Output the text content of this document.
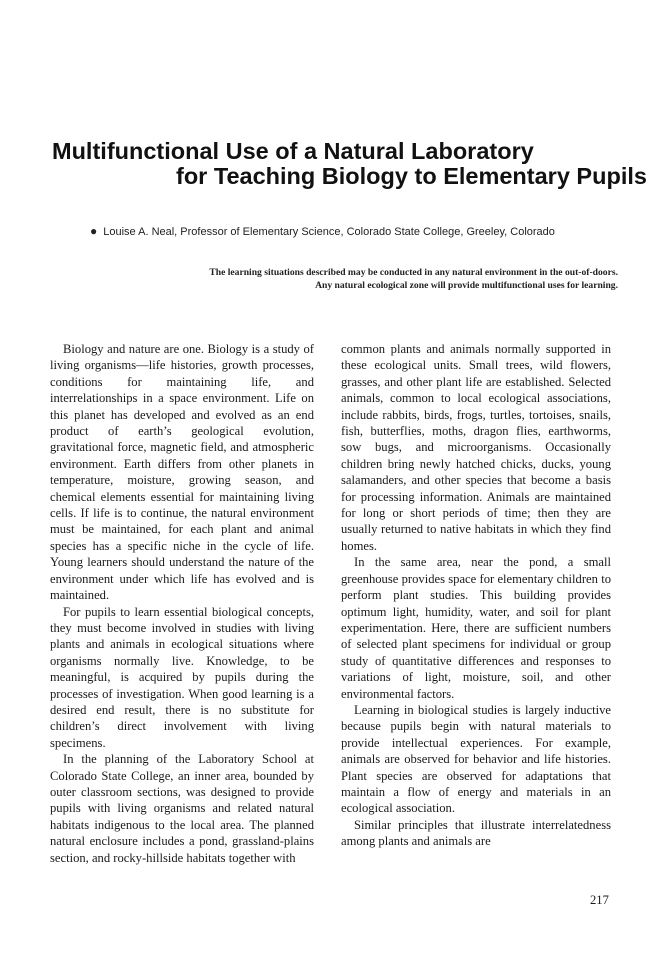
Multifunctional Use of a Natural Laboratory
for Teaching Biology to Elementary Pupils
● Louise A. Neal, Professor of Elementary Science, Colorado State College, Greeley, Colorado
The learning situations described may be conducted in any natural environment in the out-of-doors.
Any natural ecological zone will provide multifunctional uses for learning.

Biology and nature are one. Biology is a study of living organisms—life histories, growth processes, conditions for maintaining life, and interrelationships in a space environment. Life on this planet has developed and evolved as an end product of earth’s geological evolution, gravitational force, magnetic field, and atmospheric environment. Earth differs from other planets in temperature, moisture, growing season, and chemical elements essential for maintaining living cells. If life is to continue, the natural environment must be maintained, for each plant and animal species has a specific niche in the cycle of life. Young learners should understand the nature of the environment under which life has evolved and is maintained.

For pupils to learn essential biological concepts, they must become involved in studies with living plants and animals in ecological situations where organisms normally live. Knowledge, to be meaningful, is acquired by pupils during the processes of investigation. When good learning is a desired end result, there is no substitute for children’s direct involvement with living specimens.

In the planning of the Laboratory School at Colorado State College, an inner area, bounded by outer classroom sections, was designed to provide pupils with living organisms and related natural habitats indigenous to the local area. The planned natural enclosure includes a pond, grassland-plains section, and rocky-hillside habitats together with

common plants and animals normally supported in these ecological units. Small trees, wild flowers, grasses, and other plant life are established. Selected animals, common to local ecological associations, include rabbits, birds, frogs, turtles, tortoises, snails, fish, butterflies, moths, dragon flies, earthworms, sow bugs, and microorganisms. Occasionally children bring newly hatched chicks, ducks, young salamanders, and other species that become a basis for processing information. Animals are maintained for long or short periods of time; then they are usually returned to native habitats in which they find homes.

In the same area, near the pond, a small greenhouse provides space for elementary children to perform plant studies. This building provides optimum light, humidity, water, and soil for plant experimentation. Here, there are sufficient numbers of selected plant specimens for individual or group study of quantitative differences and responses to variations of light, moisture, soil, and other environmental factors.

Learning in biological studies is largely inductive because pupils begin with natural materials to provide intellectual experiences. For example, animals are observed for behavior and life histories. Plant species are observed for adaptations that maintain a flow of energy and materials in an ecological association.

Similar principles that illustrate interrelatedness among plants and animals are

217
